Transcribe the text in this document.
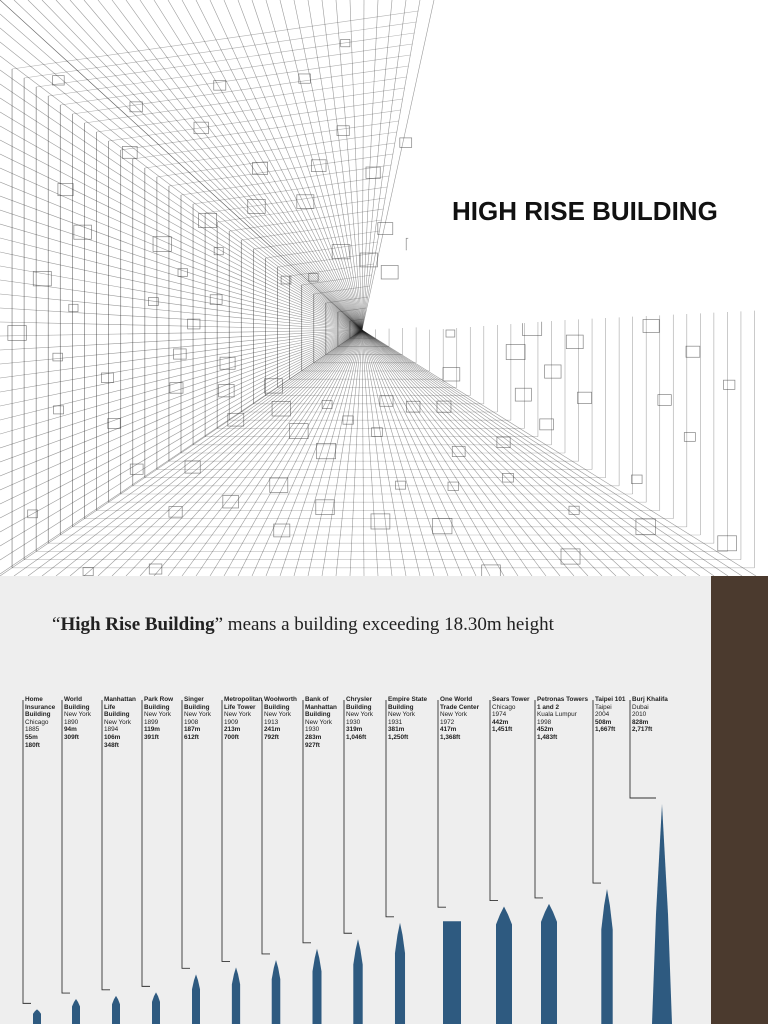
HIGH RISE BUILDING
“High Rise Building” means a building exceeding 18.30m height
Home Insurance Building
Chicago
1885
55m
180ft
World Building
New York
1890
94m
309ft
Manhattan Life Building
New York
1894
106m
348ft
Park Row Building
New York
1899
119m
391ft
Singer Building
New York
1908
187m
612ft
Metropolitan Life Tower
New York
1909
213m
700ft
Woolworth Building
New York
1913
241m
792ft
Bank of Manhattan Building
New York
1930
283m
927ft
Chrysler Building
New York
1930
319m
1,046ft
Empire State Building
New York
1931
381m
1,250ft
One World Trade Center
New York
1972
417m
1,368ft
Sears Tower
Chicago
1974
442m
1,451ft
Petronas Towers 1 and 2
Kuala Lumpur
1998
452m
1,483ft
Taipei 101
Taipei
2004
508m
1,667ft
Burj Khalifa
Dubai
2010
828m
2,717ft
